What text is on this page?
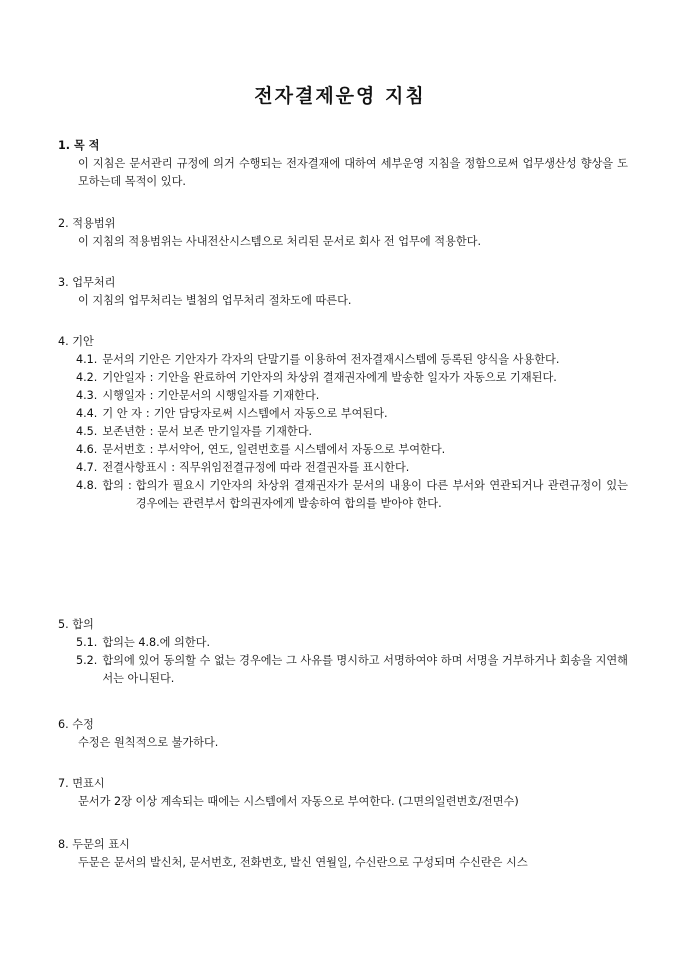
전자결제운영 지침

1. 목 적

이 지침은 문서관리 규정에 의거 수행되는 전자결재에 대하여 세부운영 지침을 정함으로써 업무생산성 향상을 도모하는데 목적이 있다.

2. 적용범위

이 지침의 적용범위는 사내전산시스템으로 처리된 문서로 회사 전 업무에 적용한다.

3. 업무처리

이 지침의 업무처리는 별첨의 업무처리 절차도에 따른다.

4. 기안

4.1. 문서의 기안은 기안자가 각자의 단말기를 이용하여 전자결재시스템에 등록된 양식을 사용한다.
4.2. 기안일자 : 기안을 완료하여 기안자의 차상위 결재권자에게 발송한 일자가 자동으로 기재된다.
4.3. 시행일자 : 기안문서의 시행일자를 기재한다.
4.4. 기 안 자 : 기안 담당자로써 시스템에서 자동으로 부여된다.
4.5. 보존년한 : 문서 보존 만기일자를 기재한다.
4.6. 문서번호 : 부서약어, 연도, 일련번호를 시스템에서 자동으로 부여한다.
4.7. 전결사항표시 : 직무위임전결규정에 따라 전결권자를 표시한다.
4.8. 합의 : 합의가 필요시 기안자의 차상위 결재권자가 문서의 내용이 다른 부서와 연관되거나 관련규정이 있는 경우에는 관련부서 합의권자에게 발송하여 합의를 받아야 한다.

5. 합의

5.1. 합의는 4.8.에 의한다.
5.2. 합의에 있어 동의할 수 없는 경우에는 그 사유를 명시하고 서명하여야 하며 서명을 거부하거나 회송을 지연해서는 아니된다.

6. 수정

수정은 원칙적으로 불가하다.

7. 면표시

문서가 2장 이상 계속되는 때에는 시스템에서 자동으로 부여한다. (그면의일련번호/전면수)

8. 두문의 표시

두문은 문서의 발신처, 문서번호, 전화번호, 발신 연월일, 수신란으로 구성되며 수신란은 시스
